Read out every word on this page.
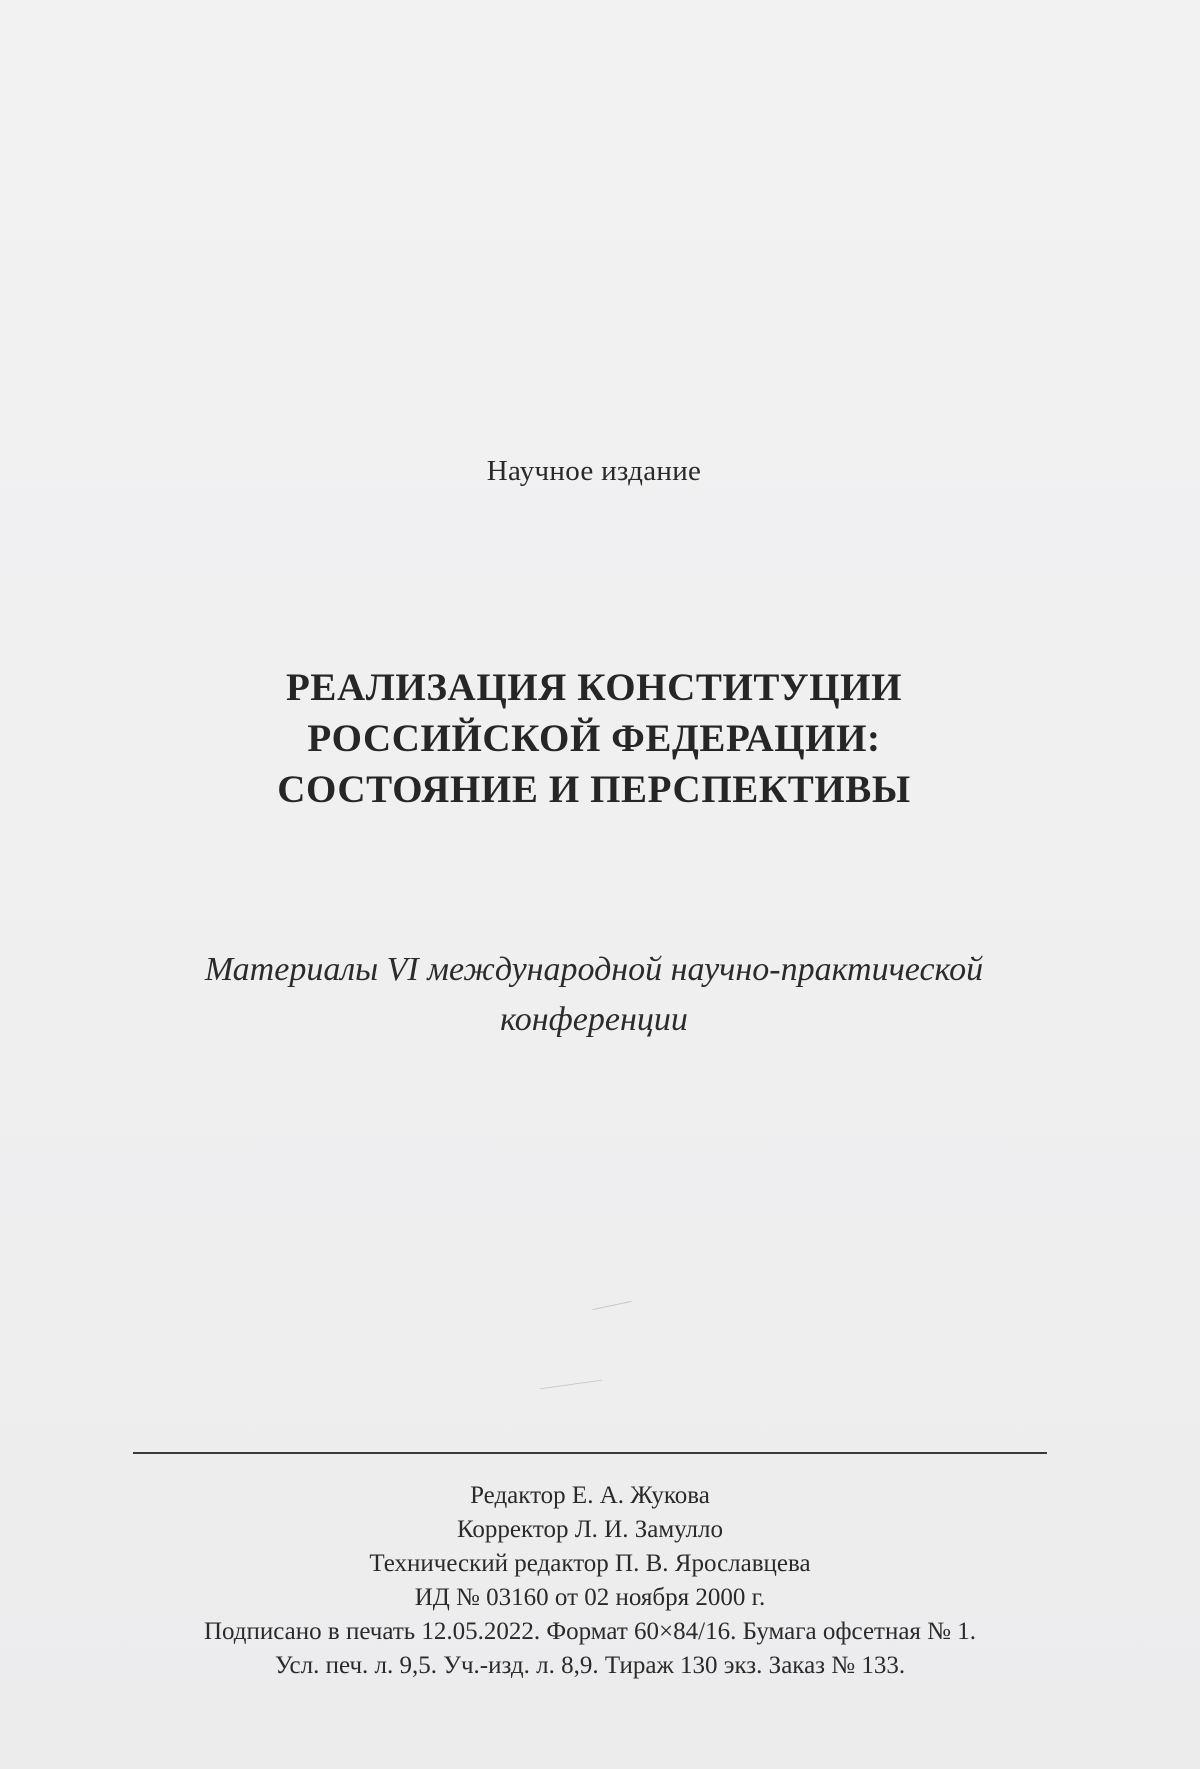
Научное издание
РЕАЛИЗАЦИЯ КОНСТИТУЦИИ
РОССИЙСКОЙ ФЕДЕРАЦИИ:
СОСТОЯНИЕ И ПЕРСПЕКТИВЫ
Материалы VI международной научно-практической
конференции
Редактор Е. А. Жукова
Корректор Л. И. Замулло
Технический редактор П. В. Ярославцева
ИД № 03160 от 02 ноября 2000 г.
Подписано в печать 12.05.2022. Формат 60×84/16. Бумага офсетная № 1.
Усл. печ. л. 9,5. Уч.-изд. л. 8,9. Тираж 130 экз. Заказ № 133.
